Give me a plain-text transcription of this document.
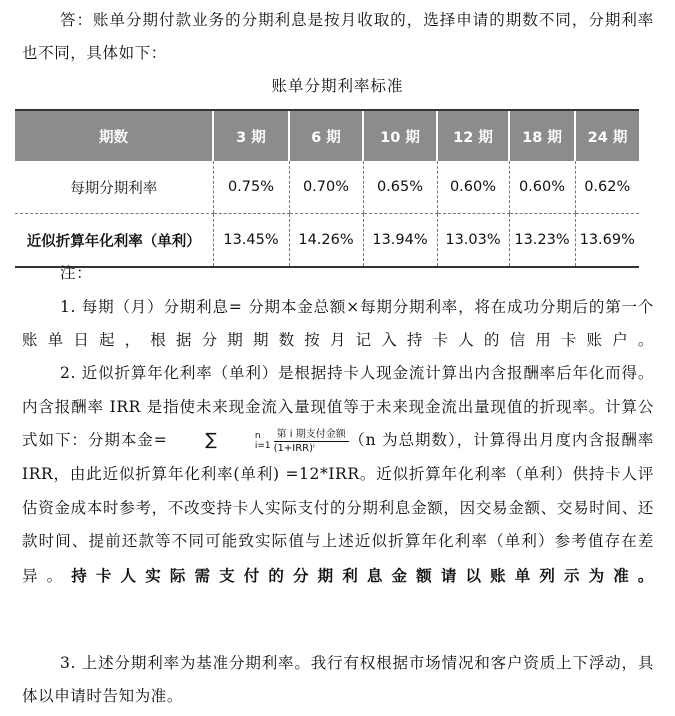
答：账单分期付款业务的分期利息是按月收取的，选择申请的期数不同，分期利率也不同，具体如下：
账单分期利率标准
期数	3 期	6 期	10 期	12 期	18 期	24 期
每期分期利率	0.75%	0.70%	0.65%	0.60%	0.60%	0.62%
近似折算年化利率（单利）	13.45%	14.26%	13.94%	13.03%	13.23%	13.69%
注：
1. 每期（月）分期利息= 分期本金总额×每期分期利率，将在成功分期后的第一个账单日起，根据分期期数按月记入持卡人的信用卡账户。
2. 近似折算年化利率（单利）是根据持卡人现金流计算出内含报酬率后年化而得。内含报酬率 IRR 是指使未来现金流入量现值等于未来现金流出量现值的折现率。计算公式如下：分期本金= ∑	n
$i=1 \frac{\text{第 i 期支付金额}}{\text{(1+IRR)ⁱ}} (n$ 为总期数），计算得出月度内含报酬率 IRR，由此近似折算年化利率(单利) =12*IRR。近似折算年化利率（单利）供持卡人评估资金成本时参考，不改变持卡人实际支付的分期利息金额，因交易金额、交易时间、还款时间、提前还款等不同可能致实际值与上述近似折算年化利率（单利）参考值存在差异。持卡人实际需支付的分期利息金额请以账单列示为准。
3. 上述分期利率为基准分期利率。我行有权根据市场情况和客户资质上下浮动，具体以申请时告知为准。
